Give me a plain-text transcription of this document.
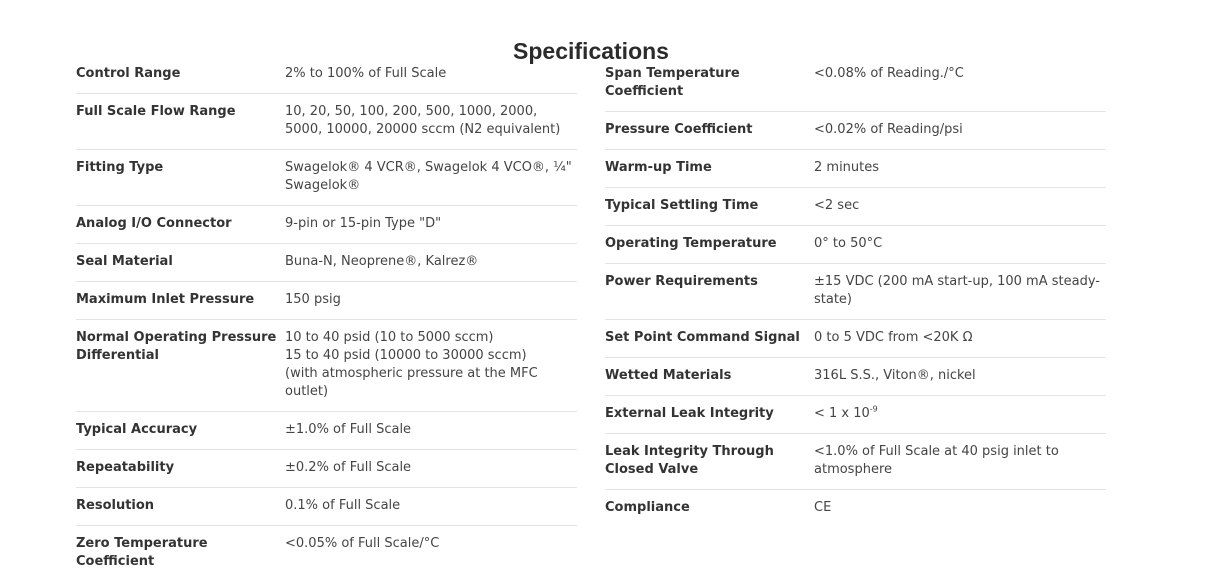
Specifications
Control Range	2% to 100% of Full Scale
Full Scale Flow Range	10, 20, 50, 100, 200, 500, 1000, 2000, 5000, 10000, 20000 sccm (N2 equivalent)
Fitting Type	Swagelok® 4 VCR®, Swagelok 4 VCO®, ¼" Swagelok®
Analog I/O Connector	9-pin or 15-pin Type "D"
Seal Material	Buna-N, Neoprene®, Kalrez®
Maximum Inlet Pressure	150 psig
Normal Operating Pressure Differential	10 to 40 psid (10 to 5000 sccm)
15 to 40 psid (10000 to 30000 sccm)
(with atmospheric pressure at the MFC outlet)
Typical Accuracy	±1.0% of Full Scale
Repeatability	±0.2% of Full Scale
Resolution	0.1% of Full Scale
Zero Temperature Coefficient	<0.05% of Full Scale/°C
Span Temperature Coefficient	<0.08% of Reading./°C
Pressure Coefficient	<0.02% of Reading/psi
Warm-up Time	2 minutes
Typical Settling Time	<2 sec
Operating Temperature	0° to 50°C
Power Requirements	±15 VDC (200 mA start-up, 100 mA steady-state)
Set Point Command Signal	0 to 5 VDC from <20K Ω
Wetted Materials	316L S.S., Viton®, nickel
External Leak Integrity	< 1 x $10^{-9}$
Leak Integrity Through Closed Valve	<1.0% of Full Scale at 40 psig inlet to atmosphere
Compliance	CE
